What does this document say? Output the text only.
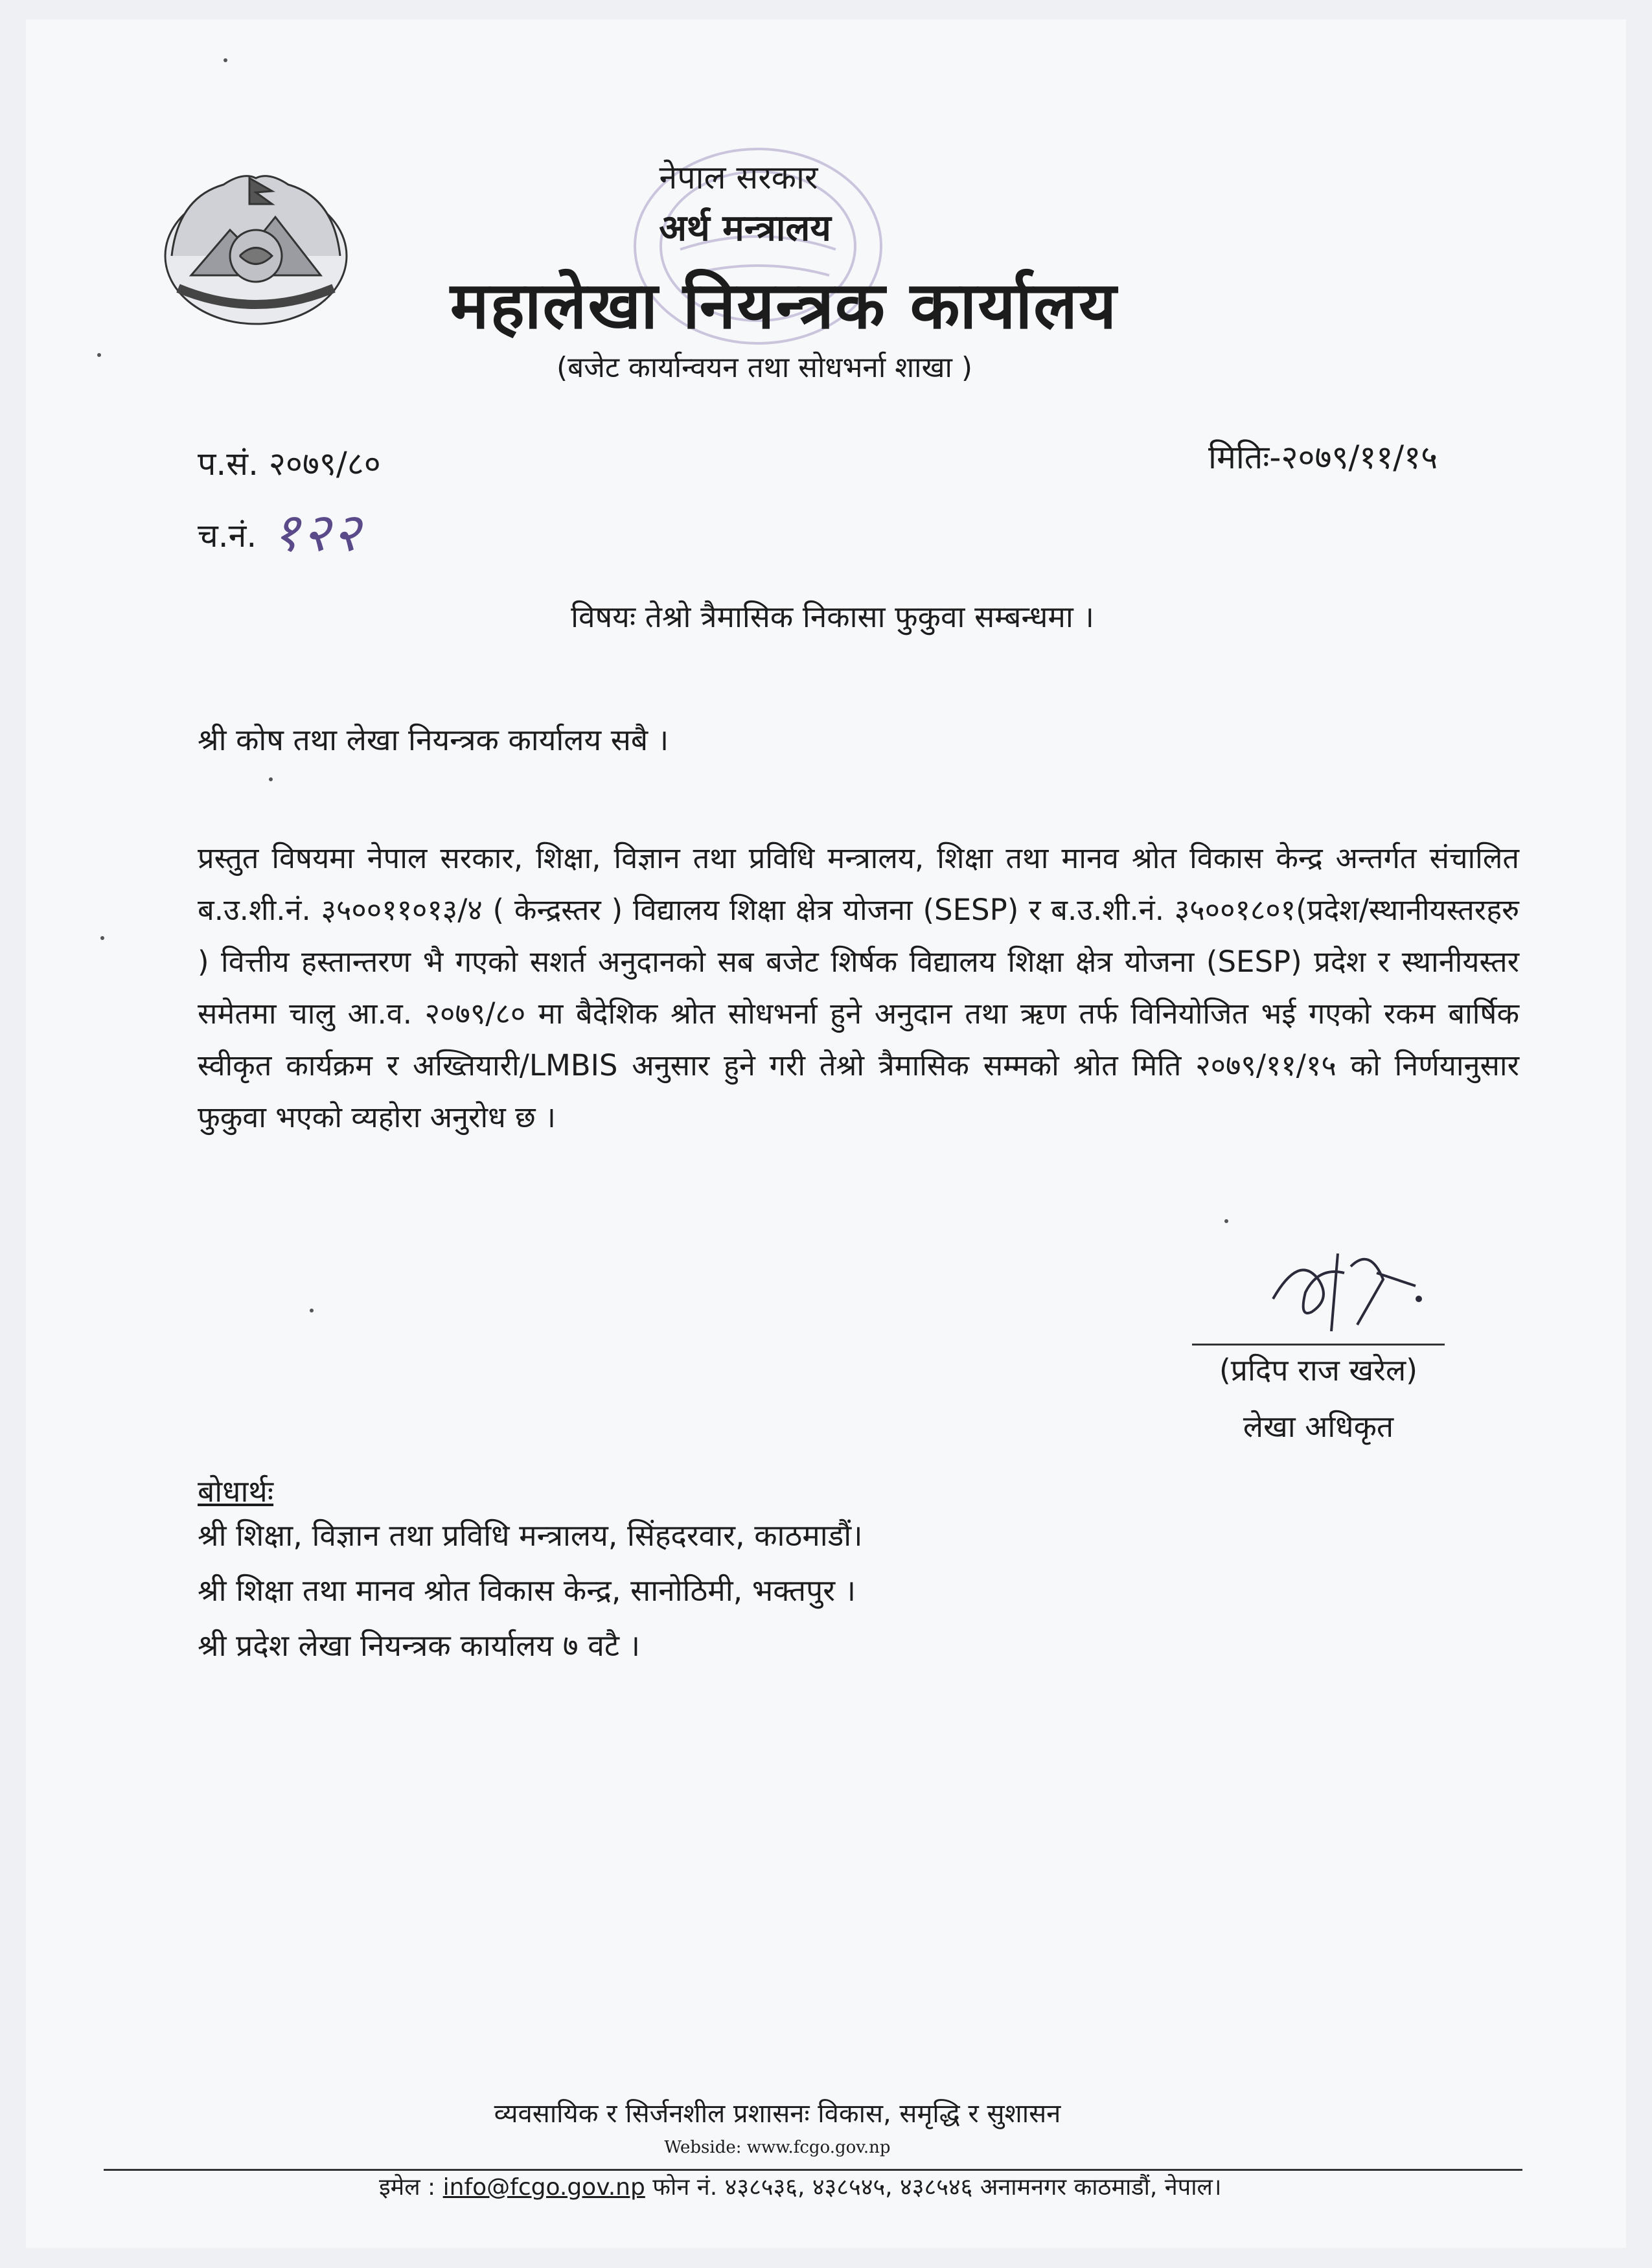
नेपाल सरकार
अर्थ मन्त्रालय
महालेखा नियन्त्रक कार्यालय
(बजेट कार्यान्वयन तथा सोधभर्ना शाखा )
प.सं. २०७९/८०	मितिः-२०७९/११/१५
च.नं. १२२
विषयः तेश्रो त्रैमासिक निकासा फुकुवा सम्बन्धमा ।
श्री कोष तथा लेखा नियन्त्रक कार्यालय सबै ।
प्रस्तुत विषयमा नेपाल सरकार, शिक्षा, विज्ञान तथा प्रविधि मन्त्रालय, शिक्षा तथा मानव श्रोत विकास केन्द्र अन्तर्गत संचालित ब.उ.शी.नं. ३५००११०१३/४ ( केन्द्रस्तर ) विद्यालय शिक्षा क्षेत्र योजना (SESP) र ब.उ.शी.नं. ३५००१८०१(प्रदेश/स्थानीयस्तरहरु ) वित्तीय हस्तान्तरण भै गएको सशर्त अनुदानको सब बजेट शिर्षक विद्यालय शिक्षा क्षेत्र योजना (SESP) प्रदेश र स्थानीयस्तर समेतमा चालु आ.व. २०७९/८० मा बैदेशिक श्रोत सोधभर्ना हुने अनुदान तथा ऋण तर्फ विनियोजित भई गएको रकम बार्षिक स्वीकृत कार्यक्रम र अख्तियारी/LMBIS अनुसार हुने गरी तेश्रो त्रैमासिक सम्मको श्रोत मिति २०७९/११/१५ को निर्णयानुसार फुकुवा भएको व्यहोरा अनुरोध छ ।
(प्रदिप राज खरेल)
लेखा अधिकृत
बोधार्थः
श्री शिक्षा, विज्ञान तथा प्रविधि मन्त्रालय, सिंहदरवार, काठमाडौं।
श्री शिक्षा तथा मानव श्रोत विकास केन्द्र, सानोठिमी, भक्तपुर ।
श्री प्रदेश लेखा नियन्त्रक कार्यालय ७ वटै ।
व्यवसायिक र सिर्जनशील प्रशासनः विकास, समृद्धि र सुशासन
Webside: www.fcgo.gov.np
इमेल : info@fcgo.gov.np फोन नं. ४३८५३६, ४३८५४५, ४३८५४६ अनामनगर काठमाडौं, नेपाल।
